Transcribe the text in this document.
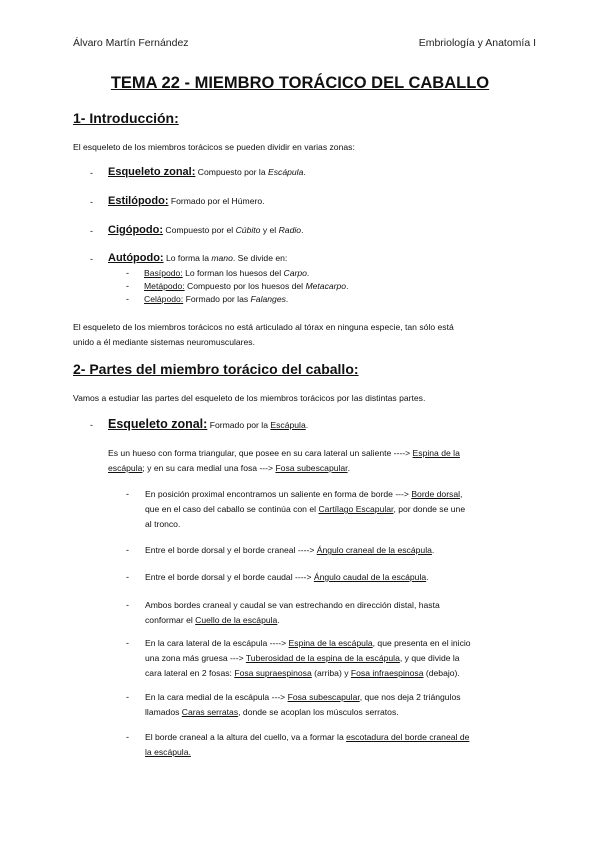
Álvaro Martín Fernández	Embriología y Anatomía I
TEMA 22 - MIEMBRO TORÁCICO DEL CABALLO
1- Introducción:
El esqueleto de los miembros torácicos se pueden dividir en varias zonas:
- Esqueleto zonal: Compuesto por la Escápula.
- Estilópodo: Formado por el Húmero.
- Cigópodo: Compuesto por el Cúbito y el Radio.
- Autópodo: Lo forma la mano. Se divide en:
- Basípodo: Lo forman los huesos del Carpo.
- Metápodo: Compuesto por los huesos del Metacarpo.
- Celápodo: Formado por las Falanges.
El esqueleto de los miembros torácicos no está articulado al tórax en ninguna especie, tan sólo está
unido a él mediante sistemas neuromusculares.
2- Partes del miembro torácico del caballo:
Vamos a estudiar las partes del esqueleto de los miembros torácicos por las distintas partes.
- Esqueleto zonal: Formado por la Escápula.
Es un hueso con forma triangular, que posee en su cara lateral un saliente ----> Espina de la
escápula; y en su cara medial una fosa ---> Fosa subescapular.
- En posición proximal encontramos un saliente en forma de borde ---> Borde dorsal,
que en el caso del caballo se continúa con el Cartílago Escapular, por donde se une
al tronco.
- Entre el borde dorsal y el borde craneal ----> Ángulo craneal de la escápula.
- Entre el borde dorsal y el borde caudal ----> Ángulo caudal de la escápula.
- Ambos bordes craneal y caudal se van estrechando en dirección distal, hasta
conformar el Cuello de la escápula.
- En la cara lateral de la escápula ----> Espina de la escápula, que presenta en el inicio
una zona más gruesa ---> Tuberosidad de la espina de la escápula, y que divide la
cara lateral en 2 fosas: Fosa supraespinosa (arriba) y Fosa infraespinosa (debajo).
- En la cara medial de la escápula ---> Fosa subescapular, que nos deja 2 triángulos
llamados Caras serratas, donde se acoplan los músculos serratos.
- El borde craneal a la altura del cuello, va a formar la escotadura del borde craneal de
la escápula.
